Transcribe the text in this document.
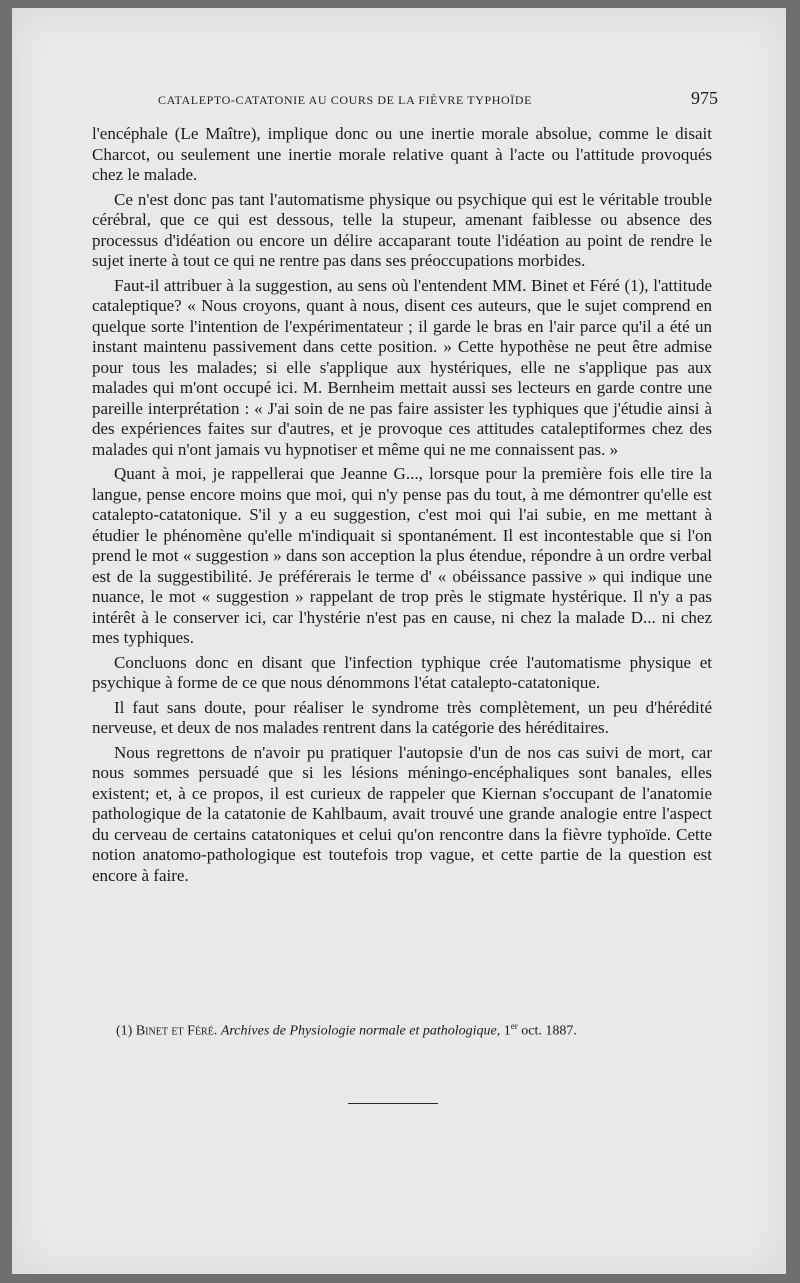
CATALEPTO-CATATONIE AU COURS DE LA FIÈVRE TYPHOÏDE	975

l'encéphale (Le Maître), implique donc ou une inertie morale absolue, comme le disait Charcot, ou seulement une inertie morale relative quant à l'acte ou l'attitude provoqués chez le malade.

Ce n'est donc pas tant l'automatisme physique ou psychique qui est le véritable trouble cérébral, que ce qui est dessous, telle la stupeur, amenant faiblesse ou absence des processus d'idéation ou encore un délire accaparant toute l'idéation au point de rendre le sujet inerte à tout ce qui ne rentre pas dans ses préoccupations morbides.

Faut-il attribuer à la suggestion, au sens où l'entendent MM. Binet et Féré (1), l'attitude cataleptique? « Nous croyons, quant à nous, disent ces auteurs, que le sujet comprend en quelque sorte l'intention de l'expérimentateur ; il garde le bras en l'air parce qu'il a été un instant maintenu passivement dans cette position. » Cette hypothèse ne peut être admise pour tous les malades; si elle s'applique aux hystériques, elle ne s'applique pas aux malades qui m'ont occupé ici. M. Bernheim mettait aussi ses lecteurs en garde contre une pareille interprétation : « J'ai soin de ne pas faire assister les typhiques que j'étudie ainsi à des expériences faites sur d'autres, et je provoque ces attitudes cataleptiformes chez des malades qui n'ont jamais vu hypnotiser et même qui ne me connaissent pas. »

Quant à moi, je rappellerai que Jeanne G..., lorsque pour la première fois elle tire la langue, pense encore moins que moi, qui n'y pense pas du tout, à me démontrer qu'elle est catalepto-catatonique. S'il y a eu suggestion, c'est moi qui l'ai subie, en me mettant à étudier le phénomène qu'elle m'indiquait si spontanément. Il est incontestable que si l'on prend le mot « suggestion » dans son acception la plus étendue, répondre à un ordre verbal est de la suggestibilité. Je préférerais le terme d' « obéissance passive » qui indique une nuance, le mot « suggestion » rappelant de trop près le stigmate hystérique. Il n'y a pas intérêt à le conserver ici, car l'hystérie n'est pas en cause, ni chez la malade D... ni chez mes typhiques.

Concluons donc en disant que l'infection typhique crée l'automatisme physique et psychique à forme de ce que nous dénommons l'état catalepto-catatonique.

Il faut sans doute, pour réaliser le syndrome très complètement, un peu d'hérédité nerveuse, et deux de nos malades rentrent dans la catégorie des héréditaires.

Nous regrettons de n'avoir pu pratiquer l'autopsie d'un de nos cas suivi de mort, car nous sommes persuadé que si les lésions méningo-encéphaliques sont banales, elles existent; et, à ce propos, il est curieux de rappeler que Kiernan s'occupant de l'anatomie pathologique de la catatonie de Kahlbaum, avait trouvé une grande analogie entre l'aspect du cerveau de certains catatoniques et celui qu'on rencontre dans la fièvre typhoïde. Cette notion anatomo-pathologique est toutefois trop vague, et cette partie de la question est encore à faire.

(1) Binet et Féré. Archives de Physiologie normale et pathologique, 1er oct. 1887.
